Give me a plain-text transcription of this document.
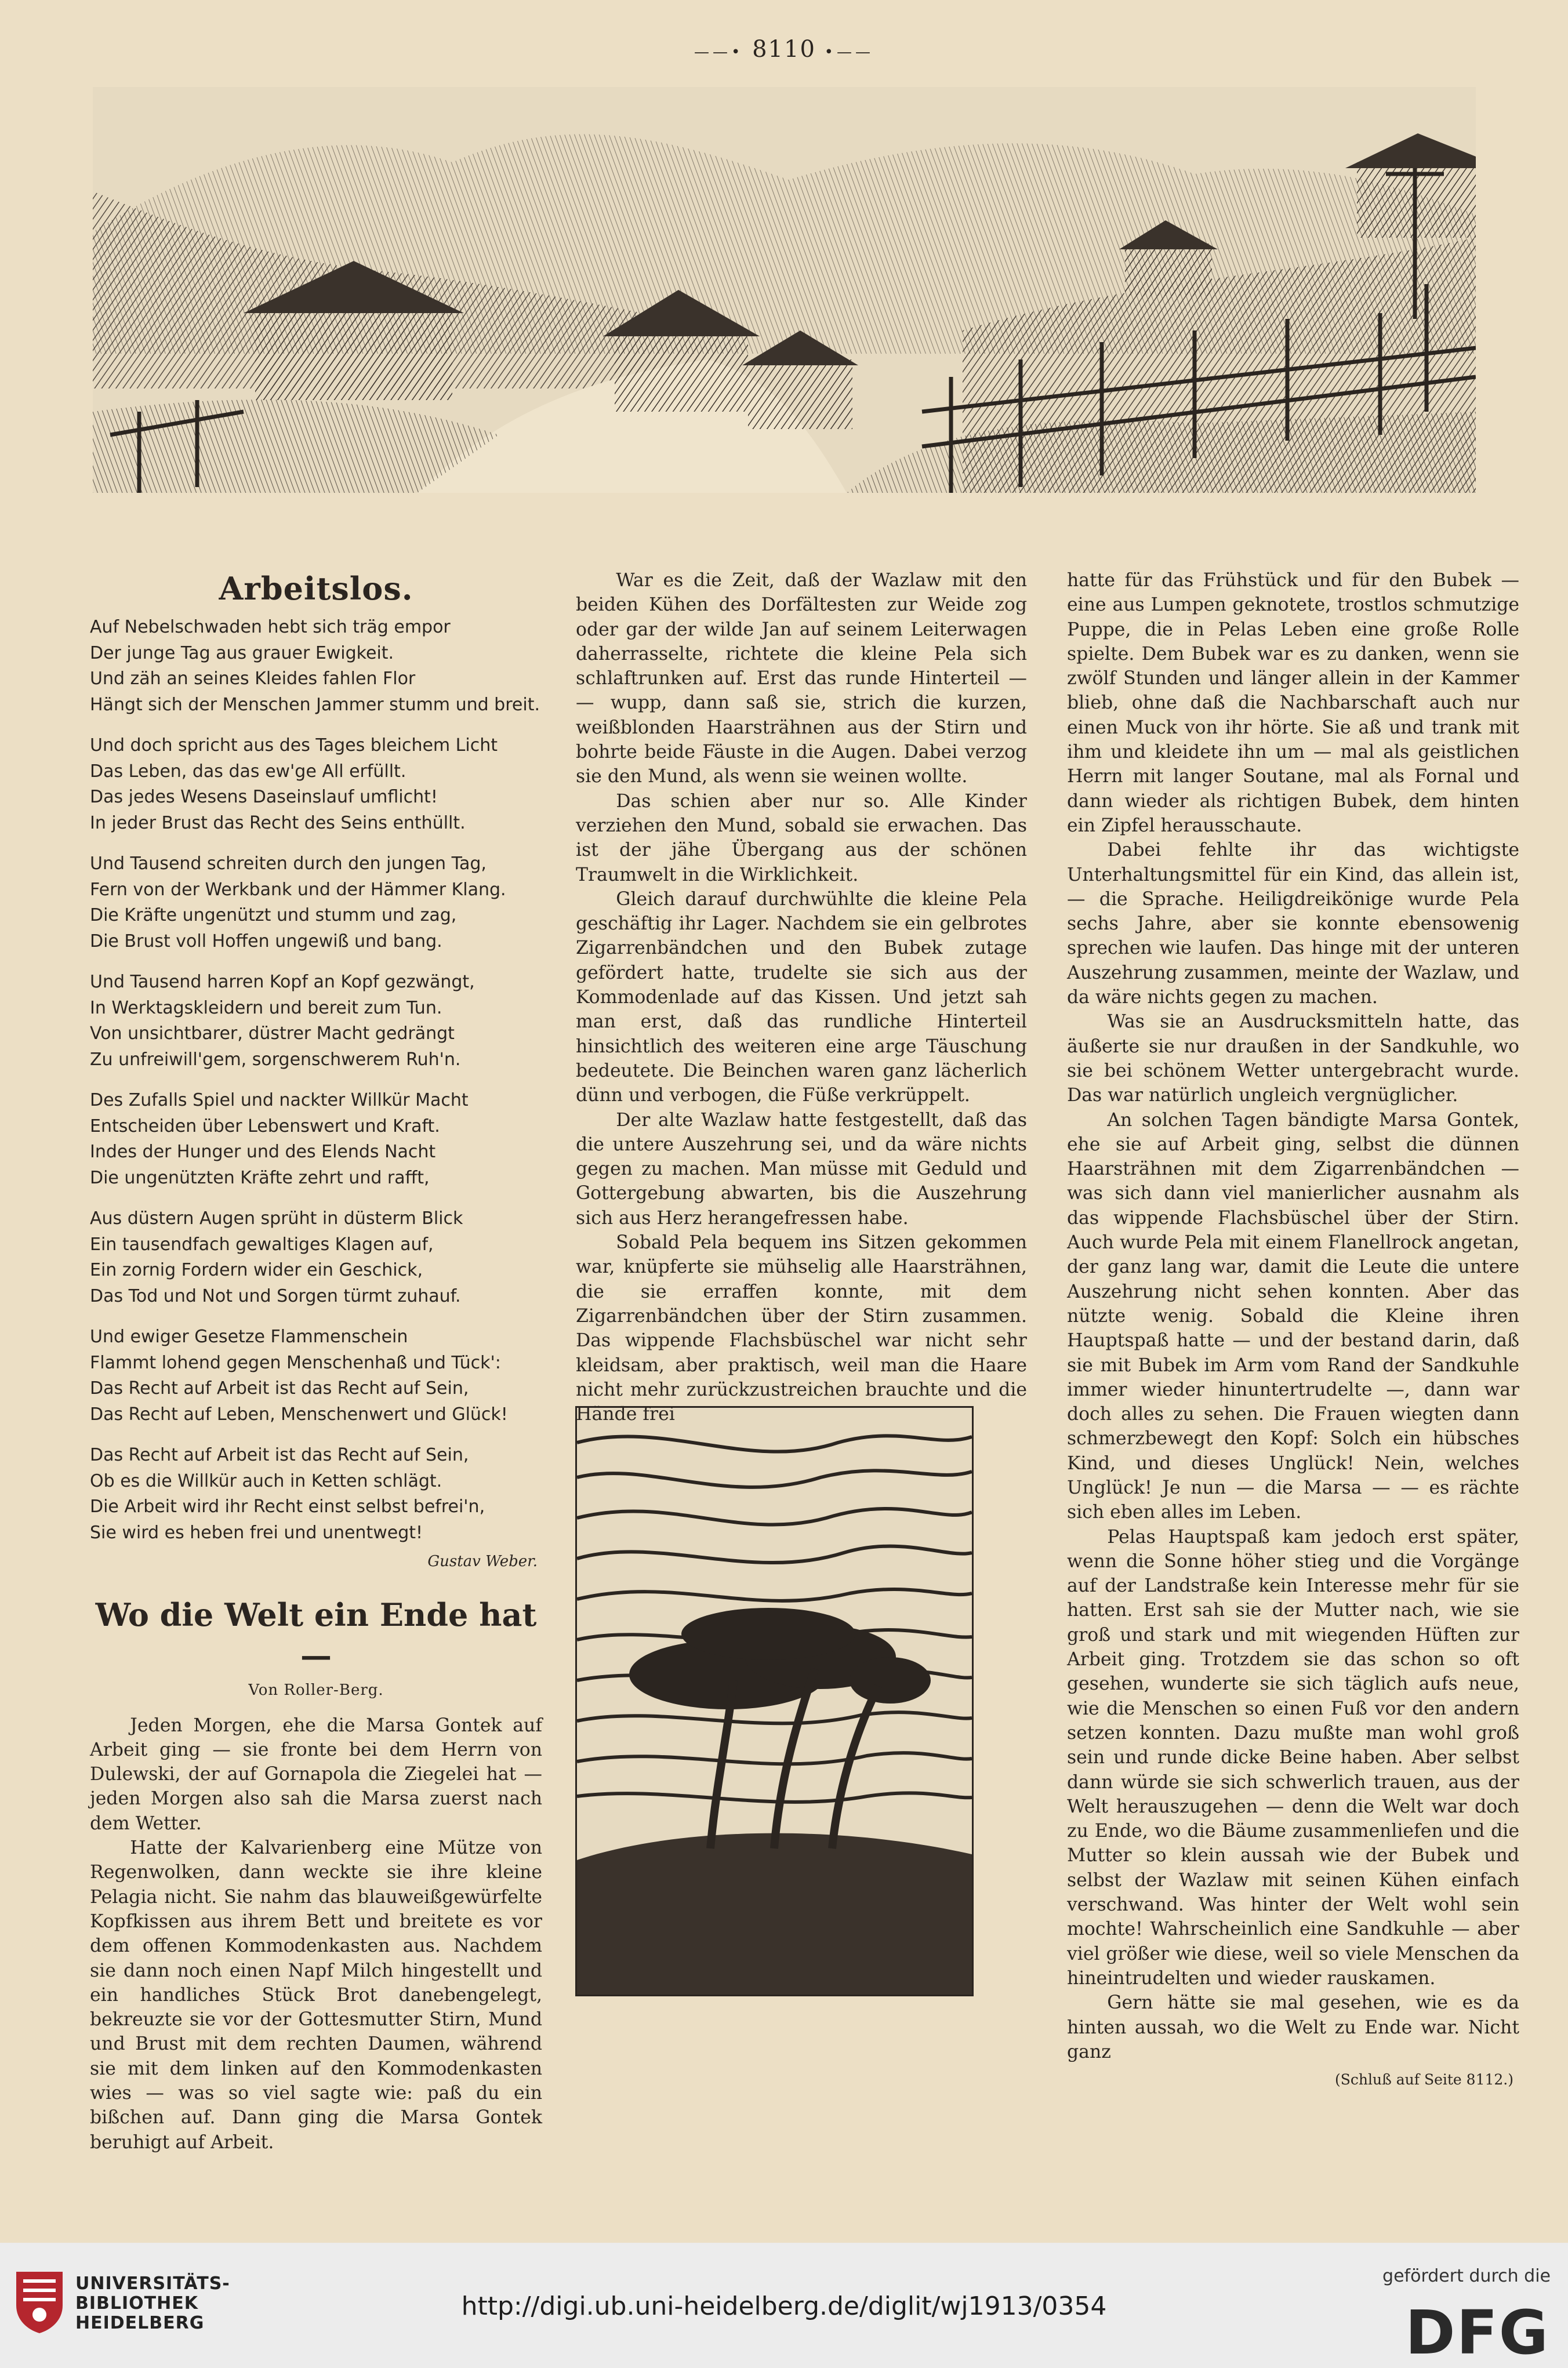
——• 8110 •——
Arbeitslos.
Auf Nebelschwaden hebt sich träg empor
Der junge Tag aus grauer Ewigkeit.
Und zäh an seines Kleides fahlen Flor
Hängt sich der Menschen Jammer stumm und breit.
Und doch spricht aus des Tages bleichem Licht
Das Leben, das das ew'ge All erfüllt.
Das jedes Wesens Daseinslauf umflicht!
In jeder Brust das Recht des Seins enthüllt.
Und Tausend schreiten durch den jungen Tag,
Fern von der Werkbank und der Hämmer Klang.
Die Kräfte ungenützt und stumm und zag,
Die Brust voll Hoffen ungewiß und bang.
Und Tausend harren Kopf an Kopf gezwängt,
In Werktagskleidern und bereit zum Tun.
Von unsichtbarer, düstrer Macht gedrängt
Zu unfreiwill'gem, sorgenschwerem Ruh'n.
Des Zufalls Spiel und nackter Willkür Macht
Entscheiden über Lebenswert und Kraft.
Indes der Hunger und des Elends Nacht
Die ungenützten Kräfte zehrt und rafft,
Aus düstern Augen sprüht in düsterm Blick
Ein tausendfach gewaltiges Klagen auf,
Ein zornig Fordern wider ein Geschick,
Das Tod und Not und Sorgen türmt zuhauf.
Und ewiger Gesetze Flammenschein
Flammt lohend gegen Menschenhaß und Tück':
Das Recht auf Arbeit ist das Recht auf Sein,
Das Recht auf Leben, Menschenwert und Glück!
Das Recht auf Arbeit ist das Recht auf Sein,
Ob es die Willkür auch in Ketten schlägt.
Die Arbeit wird ihr Recht einst selbst befrei'n,
Sie wird es heben frei und unentwegt!
Gustav Weber.
Wo die Welt ein Ende hat —
Von Roller-Berg.

Jeden Morgen, ehe die Marsa Gontek auf Arbeit ging — sie fronte bei dem Herrn von Dulewski, der auf Gornapola die Ziegelei hat — jeden Morgen also sah die Marsa zuerst nach dem Wetter.

Hatte der Kalvarienberg eine Mütze von Regenwolken, dann weckte sie ihre kleine Pelagia nicht. Sie nahm das blauweißgewürfelte Kopfkissen aus ihrem Bett und breitete es vor dem offenen Kommodenkasten aus. Nachdem sie dann noch einen Napf Milch hingestellt und ein handliches Stück Brot danebengelegt, bekreuzte sie vor der Gottesmutter Stirn, Mund und Brust mit dem rechten Daumen, während sie mit dem linken auf den Kommodenkasten wies — was so viel sagte wie: paß du ein bißchen auf. Dann ging die Marsa Gontek beruhigt auf Arbeit.

War es die Zeit, daß der Wazlaw mit den beiden Kühen des Dorfältesten zur Weide zog oder gar der wilde Jan auf seinem Leiterwagen daherrasselte, richtete die kleine Pela sich schlaftrunken auf. Erst das runde Hinterteil — — wupp, dann saß sie, strich die kurzen, weißblonden Haarsträhnen aus der Stirn und bohrte beide Fäuste in die Augen. Dabei verzog sie den Mund, als wenn sie weinen wollte.

Das schien aber nur so. Alle Kinder verziehen den Mund, sobald sie erwachen. Das ist der jähe Übergang aus der schönen Traumwelt in die Wirklichkeit.

Gleich darauf durchwühlte die kleine Pela geschäftig ihr Lager. Nachdem sie ein gelbrotes Zigarrenbändchen und den Bubek zutage gefördert hatte, trudelte sie sich aus der Kommodenlade auf das Kissen. Und jetzt sah man erst, daß das rundliche Hinterteil hinsichtlich des weiteren eine arge Täuschung bedeutete. Die Beinchen waren ganz lächerlich dünn und verbogen, die Füße verkrüppelt.

Der alte Wazlaw hatte festgestellt, daß das die untere Auszehrung sei, und da wäre nichts gegen zu machen. Man müsse mit Geduld und Gottergebung abwarten, bis die Auszehrung sich aus Herz herangefressen habe.

Sobald Pela bequem ins Sitzen gekommen war, knüpferte sie mühselig alle Haarsträhnen, die sie erraffen konnte, mit dem Zigarrenbändchen über der Stirn zusammen. Das wippende Flachsbüschel war nicht sehr kleidsam, aber praktisch, weil man die Haare nicht mehr zurückzustreichen brauchte und die Hände frei

hatte für das Frühstück und für den Bubek — eine aus Lumpen geknotete, trostlos schmutzige Puppe, die in Pelas Leben eine große Rolle spielte. Dem Bubek war es zu danken, wenn sie zwölf Stunden und länger allein in der Kammer blieb, ohne daß die Nachbarschaft auch nur einen Muck von ihr hörte. Sie aß und trank mit ihm und kleidete ihn um — mal als geistlichen Herrn mit langer Soutane, mal als Fornal und dann wieder als richtigen Bubek, dem hinten ein Zipfel herausschaute.

Dabei fehlte ihr das wichtigste Unterhaltungsmittel für ein Kind, das allein ist, — die Sprache. Heiligdreikönige wurde Pela sechs Jahre, aber sie konnte ebensowenig sprechen wie laufen. Das hinge mit der unteren Auszehrung zusammen, meinte der Wazlaw, und da wäre nichts gegen zu machen.

Was sie an Ausdrucksmitteln hatte, das äußerte sie nur draußen in der Sandkuhle, wo sie bei schönem Wetter untergebracht wurde. Das war natürlich ungleich vergnüglicher.

An solchen Tagen bändigte Marsa Gontek, ehe sie auf Arbeit ging, selbst die dünnen Haarsträhnen mit dem Zigarrenbändchen — was sich dann viel manierlicher ausnahm als das wippende Flachsbüschel über der Stirn. Auch wurde Pela mit einem Flanellrock angetan, der ganz lang war, damit die Leute die untere Auszehrung nicht sehen konnten. Aber das nützte wenig. Sobald die Kleine ihren Hauptspaß hatte — und der bestand darin, daß sie mit Bubek im Arm vom Rand der Sandkuhle immer wieder hinuntertrudelte —, dann war doch alles zu sehen. Die Frauen wiegten dann schmerzbewegt den Kopf: Solch ein hübsches Kind, und dieses Unglück! Nein, welches Unglück! Je nun — die Marsa — — es rächte sich eben alles im Leben.

Pelas Hauptspaß kam jedoch erst später, wenn die Sonne höher stieg und die Vorgänge auf der Landstraße kein Interesse mehr für sie hatten. Erst sah sie der Mutter nach, wie sie groß und stark und mit wiegenden Hüften zur Arbeit ging. Trotzdem sie das schon so oft gesehen, wunderte sie sich täglich aufs neue, wie die Menschen so einen Fuß vor den andern setzen konnten. Dazu mußte man wohl groß sein und runde dicke Beine haben. Aber selbst dann würde sie sich schwerlich trauen, aus der Welt herauszugehen — denn die Welt war doch zu Ende, wo die Bäume zusammenliefen und die Mutter so klein aussah wie der Bubek und selbst der Wazlaw mit seinen Kühen einfach verschwand. Was hinter der Welt wohl sein mochte! Wahrscheinlich eine Sandkuhle — aber viel größer wie diese, weil so viele Menschen da hineintrudelten und wieder rauskamen.

Gern hätte sie mal gesehen, wie es da hinten aussah, wo die Welt zu Ende war. Nicht ganz

(Schluß auf Seite 8112.)
UNIVERSITÄTS-
BIBLIOTHEK
HEIDELBERG
http://digi.ub.uni-heidelberg.de/diglit/wj1913/0354
gefördert durch die
DFG
